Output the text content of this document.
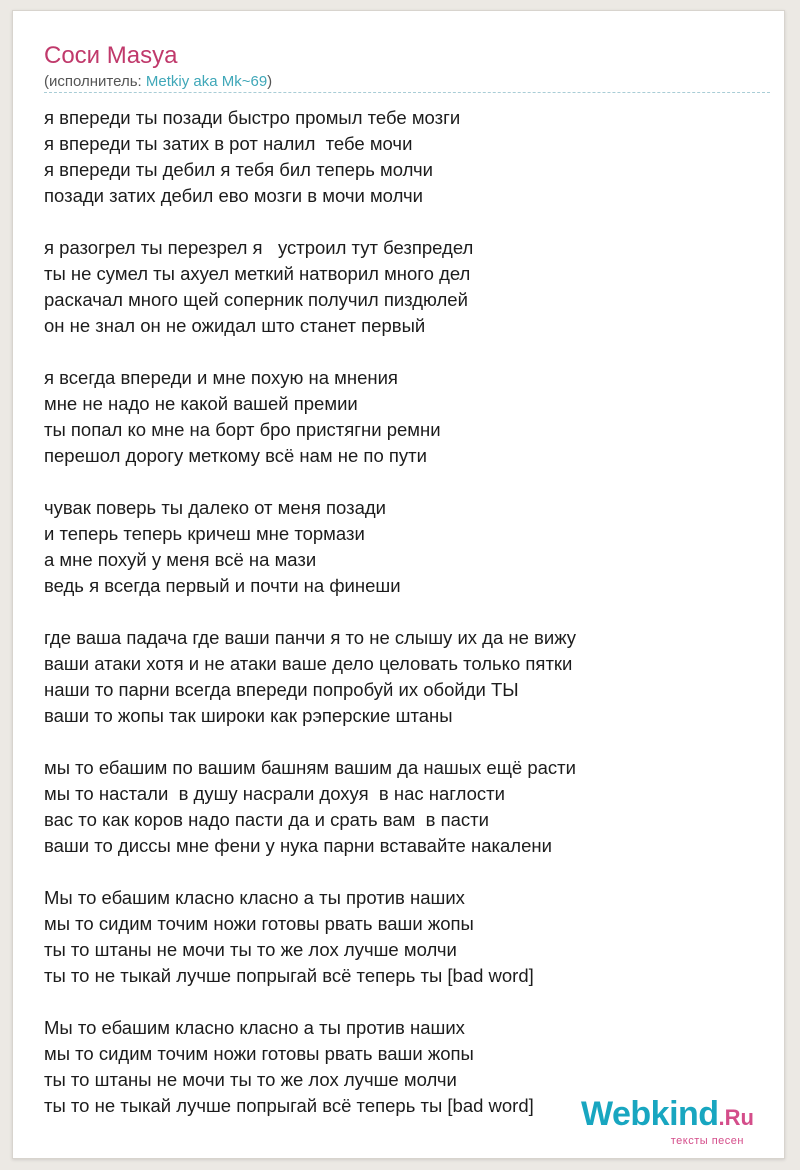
Соси Masya
(исполнитель: Metkiy aka Mk~69)
я впереди ты позади быстро промыл тебе мозги
я впереди ты затих в рот налил  тебе мочи
я впереди ты дебил я тебя бил теперь молчи
позади затих дебил ево мозги в мочи молчи
я разогрел ты перезрел я   устроил тут безпредел
ты не сумел ты ахуел меткий натворил много дел
раскачал много щей соперник получил пиздюлей
он не знал он не ожидал што станет первый
я всегда впереди и мне похую на мнения
мне не надо не какой вашей премии
ты попал ко мне на борт бро пристягни ремни
перешол дорогу меткому всё нам не по пути
чувак поверь ты далеко от меня позади
и теперь теперь кричеш мне тормази
а мне похуй у меня всё на мази
ведь я всегда первый и почти на финеши
где ваша падача где ваши панчи я то не слышу их да не вижу
ваши атаки хотя и не атаки ваше дело целовать только пятки
наши то парни всегда впереди попробуй их обойди ТЫ
ваши то жопы так широки как рэперские штаны
мы то ебашим по вашим башням вашим да нашых ещё расти
мы то настали  в душу насрали дохуя  в нас наглости
вас то как коров надо пасти да и срать вам  в пасти
ваши то диссы мне фени у нука парни вставайте накалени
Мы то ебашим класно класно а ты против наших
мы то сидим точим ножи готовы рвать ваши жопы
ты то штаны не мочи ты то же лох лучше молчи
ты то не тыкай лучше попрыгай всё теперь ты [bad word]
Мы то ебашим класно класно а ты против наших
мы то сидим точим ножи готовы рвать ваши жопы
ты то штаны не мочи ты то же лох лучше молчи
ты то не тыкай лучше попрыгай всё теперь ты [bad word]	Webkind.Ru
тексты песен
